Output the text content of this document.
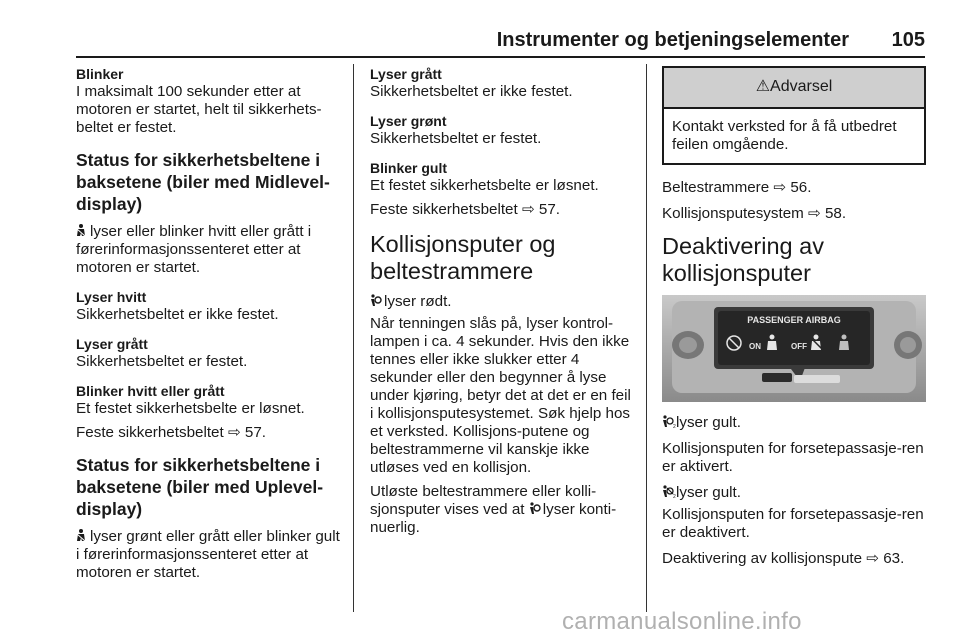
Instrumenter og betjeningselementer 105

Blinker

I maksimalt 100 sekunder etter at motoren er startet, helt til sikkerhets-beltet er festet.

Status for sikkerhetsbeltene i baksetene (biler med Midlevel-display)

lyser eller blinker hvitt eller grått i førerinformasjonssenteret etter at motoren er startet.

Lyser hvitt

Sikkerhetsbeltet er ikke festet.

Lyser grått

Sikkerhetsbeltet er festet.

Blinker hvitt eller grått

Et festet sikkerhetsbelte er løsnet.

Feste sikkerhetsbeltet ⇨ 57.

Status for sikkerhetsbeltene i baksetene (biler med Uplevel-display)

lyser grønt eller grått eller blinker gult i førerinformasjonssenteret etter at motoren er startet.

Lyser grått

Sikkerhetsbeltet er ikke festet.

Lyser grønt

Sikkerhetsbeltet er festet.

Blinker gult

Et festet sikkerhetsbelte er løsnet.

Feste sikkerhetsbeltet ⇨ 57.

Kollisjonsputer og beltestrammere

lyser rødt.

Når tenningen slås på, lyser kontrol-lampen i ca. 4 sekunder. Hvis den ikke tennes eller ikke slukker etter 4 sekunder eller den begynner å lyse under kjøring, betyr det at det er en feil i kollisjonsputesystemet. Søk hjelp hos et verksted. Kollisjons-putene og beltestrammerne vil kanskje ikke utløses ved en kollisjon.

Utløste beltestrammere eller kolli-sjonsputer vises ved at lyser konti-nuerlig.

⚠Advarsel
Kontakt verksted for å få utbedret feilen omgående.

Beltestrammere ⇨ 56.

Kollisjonsputesystem ⇨ 58.

Deaktivering av kollisjonsputer
PASSENGER AIRBAG
ON	OFF

2 lyser gult.

Kollisjonsputen for forsetepassasje-ren er aktivert.

2 lyser gult.

Kollisjonsputen for forsetepassasje-ren er deaktivert.

Deaktivering av kollisjonspute ⇨ 63.

carmanualsonline.info
